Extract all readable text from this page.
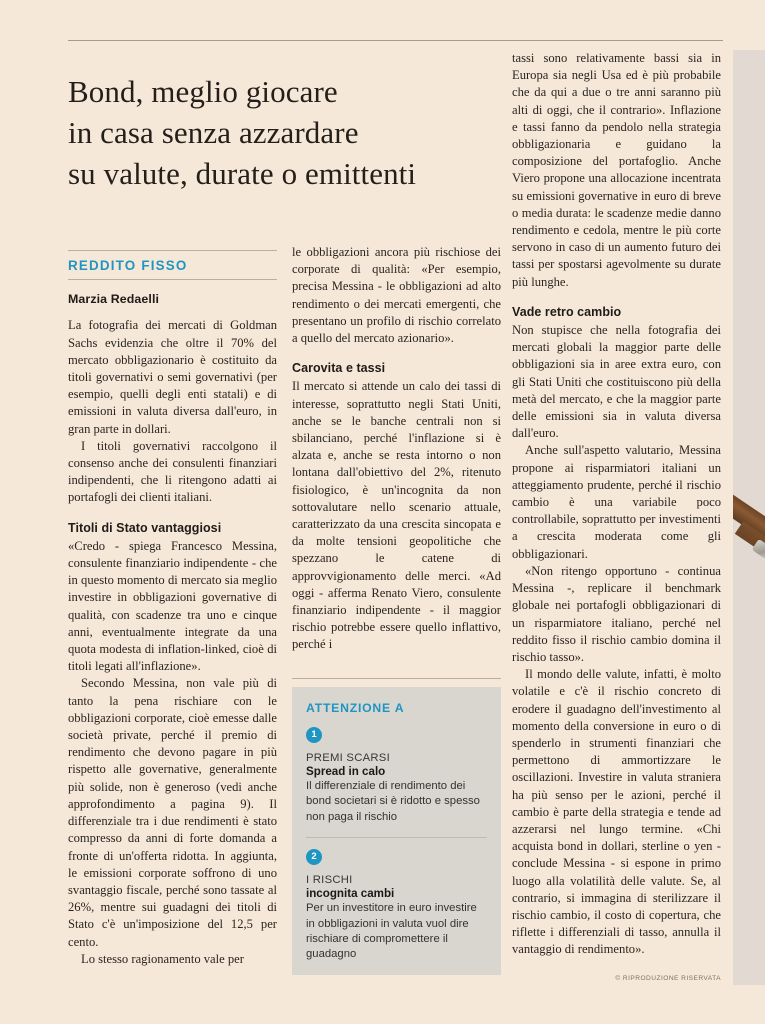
Bond, meglio giocare
in casa senza azzardare
su valute, durate o emittenti
REDDITO FISSO
Marzia Redaelli

La fotografia dei mercati di Goldman Sachs evidenzia che oltre il 70% del mercato obbligazionario è costituito da titoli governativi o semi governativi (per esempio, quelli degli enti statali) e di emissioni in valuta diversa dall'euro, in gran parte in dollari.

I titoli governativi raccolgono il consenso anche dei consulenti finanziari indipendenti, che li ritengono adatti ai portafogli dei clienti italiani.

Titoli di Stato vantaggiosi

«Credo - spiega Francesco Messina, consulente finanziario indipendente - che in questo momento di mercato sia meglio investire in obbligazioni governative di qualità, con scadenze tra uno e cinque anni, eventualmente integrate da una quota modesta di inflation-linked, cioè di titoli legati all'inflazione».

Secondo Messina, non vale più di tanto la pena rischiare con le obbligazioni corporate, cioè emesse dalle società private, perché il premio di rendimento che devono pagare in più rispetto alle governative, generalmente più solide, non è generoso (vedi anche approfondimento a pagina 9). Il differenziale tra i due rendimenti è stato compresso da anni di forte domanda a fronte di un'offerta ridotta. In aggiunta, le emissioni corporate soffrono di uno svantaggio fiscale, perché sono tassate al 26%, mentre sui guadagni dei titoli di Stato c'è un'imposizione del 12,5 per cento.

Lo stesso ragionamento vale per

le obbligazioni ancora più rischiose dei corporate di qualità: «Per esempio, precisa Messina - le obbligazioni ad alto rendimento o dei mercati emergenti, che presentano un profilo di rischio correlato a quello del mercato azionario».

Carovita e tassi

Il mercato si attende un calo dei tassi di interesse, soprattutto negli Stati Uniti, anche se le banche centrali non si sbilanciano, perché l'inflazione si è alzata e, anche se resta intorno o non lontana dall'obiettivo del 2%, ritenuto fisiologico, è un'incognita da non sottovalutare nello scenario attuale, caratterizzato da una crescita sincopata e da molte tensioni geopolitiche che spezzano le catene di approvvigionamento delle merci. «Ad oggi - afferma Renato Viero, consulente finanziario indipendente - il maggior rischio potrebbe essere quello inflattivo, perché i

tassi sono relativamente bassi sia in Europa sia negli Usa ed è più probabile che da qui a due o tre anni saranno più alti di oggi, che il contrario». Inflazione e tassi fanno da pendolo nella strategia obbligazionaria e guidano la composizione del portafoglio. Anche Viero propone una allocazione incentrata su emissioni governative in euro di breve o media durata: le scadenze medie danno rendimento e cedola, mentre le più corte servono in caso di un aumento futuro dei tassi per spostarsi agevolmente su durate più lunghe.

Vade retro cambio

Non stupisce che nella fotografia dei mercati globali la maggior parte delle obbligazioni sia in aree extra euro, con gli Stati Uniti che costituiscono più della metà del mercato, e che la maggior parte delle emissioni sia in valuta diversa dall'euro.

Anche sull'aspetto valutario, Messina propone ai risparmiatori italiani un atteggiamento prudente, perché il rischio cambio è una variabile poco controllabile, soprattutto per investimenti a crescita moderata come gli obbligazionari.

«Non ritengo opportuno - continua Messina -, replicare il benchmark globale nei portafogli obbligazionari di un risparmiatore italiano, perché nel reddito fisso il rischio cambio domina il rischio tasso».

Il mondo delle valute, infatti, è molto volatile e c'è il rischio concreto di erodere il guadagno dell'investimento al momento della conversione in euro o di spenderlo in strumenti finanziari che permettono di ammortizzare le oscillazioni. Investire in valuta straniera ha più senso per le azioni, perché il cambio è parte della strategia e tende ad azzerarsi nel lungo termine. «Chi acquista bond in dollari, sterline o yen - conclude Messina - si espone in primo luogo alla volatilità delle valute. Se, al contrario, si immagina di sterilizzare il rischio cambio, il costo di copertura, che riflette i differenziali di tasso, annulla il vantaggio di rendimento».

ATTENZIONE A
1
PREMI SCARSI
Spread in calo
Il differenziale di rendimento dei bond societari si è ridotto e spesso non paga il rischio
2
I RISCHI
incognita cambi
Per un investitore in euro investire in obbligazioni in valuta vuol dire rischiare di compromettere il guadagno
© RIPRODUZIONE RISERVATA
